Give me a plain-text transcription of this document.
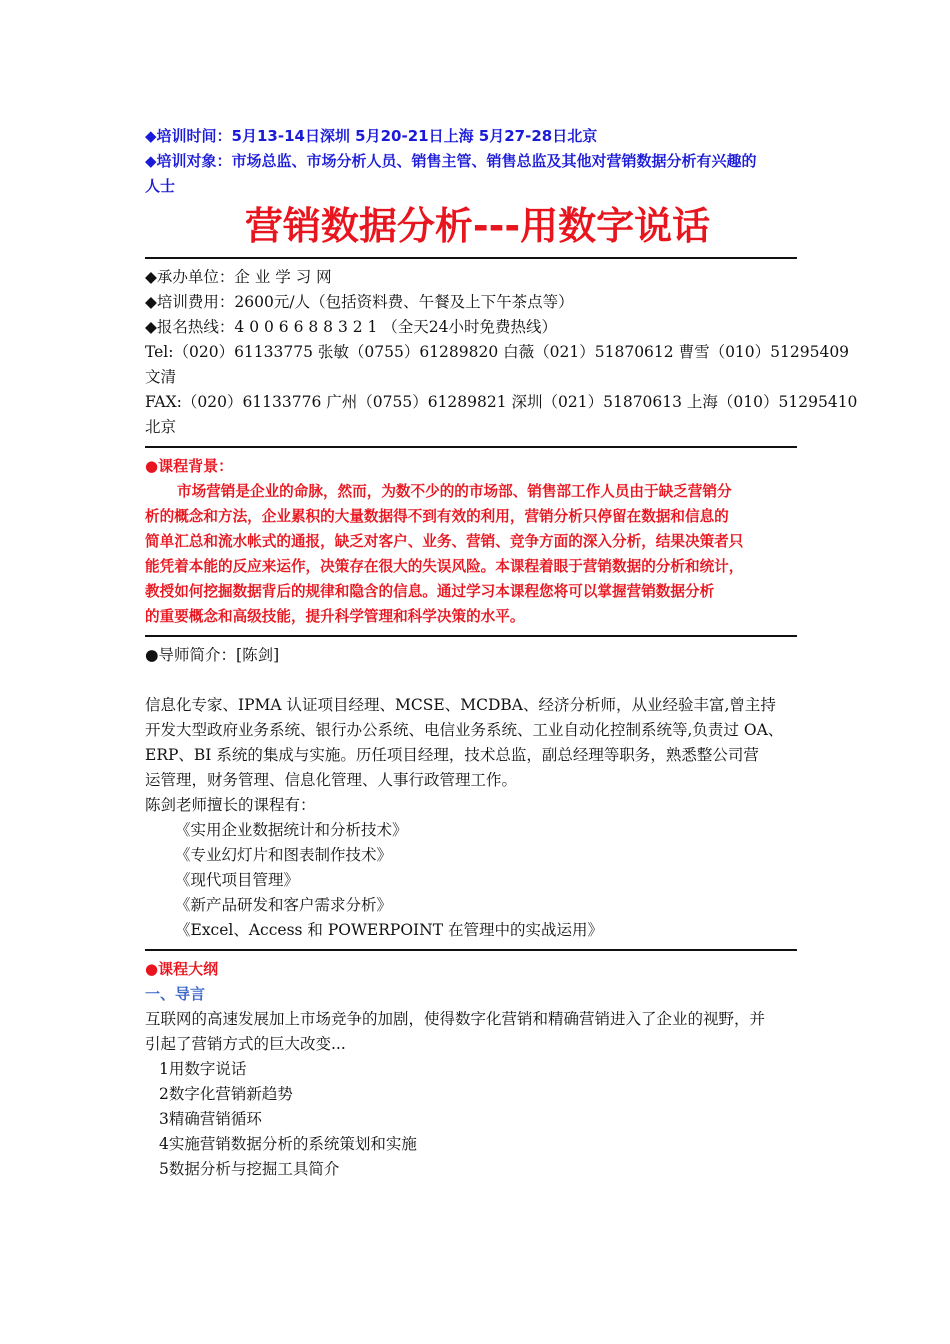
◆培训时间：5月13-14日深圳 5月20-21日上海 5月27-28日北京
◆培训对象：市场总监、市场分析人员、销售主管、销售总监及其他对营销数据分析有兴趣的
人士
营销数据分析---用数字说话
◆承办单位：企 业 学 习 网
◆培训费用：2600元/人（包括资料费、午餐及上下午茶点等）
◆报名热线：4 0 0 6 6 8 8 3 2 1 （全天24小时免费热线）
Tel:（020）61133775 张敏（0755）61289820 白薇（021）51870612 曹雪（010）51295409
文清
FAX:（020）61133776 广州（0755）61289821 深圳（021）51870613 上海（010）51295410
北京
●课程背景：
市场营销是企业的命脉，然而，为数不少的的市场部、销售部工作人员由于缺乏营销分
析的概念和方法，企业累积的大量数据得不到有效的利用，营销分析只停留在数据和信息的
简单汇总和流水帐式的通报，缺乏对客户、业务、营销、竞争方面的深入分析，结果决策者只
能凭着本能的反应来运作，决策存在很大的失误风险。本课程着眼于营销数据的分析和统计，
教授如何挖掘数据背后的规律和隐含的信息。通过学习本课程您将可以掌握营销数据分析
的重要概念和高级技能，提升科学管理和科学决策的水平。
●导师简介：[陈剑]
信息化专家、IPMA 认证项目经理、MCSE、MCDBA、经济分析师，从业经验丰富,曾主持
开发大型政府业务系统、银行办公系统、电信业务系统、工业自动化控制系统等,负责过 OA、
ERP、BI 系统的集成与实施。历任项目经理，技术总监，副总经理等职务，熟悉整公司营
运管理，财务管理、信息化管理、人事行政管理工作。
陈剑老师擅长的课程有：
《实用企业数据统计和分析技术》
《专业幻灯片和图表制作技术》
《现代项目管理》
《新产品研发和客户需求分析》
《Excel、Access 和 POWERPOINT 在管理中的实战运用》
●课程大纲
一、导言
互联网的高速发展加上市场竞争的加剧，使得数字化营销和精确营销进入了企业的视野，并
引起了营销方式的巨大改变...
1用数字说话
2数字化营销新趋势
3精确营销循环
4实施营销数据分析的系统策划和实施
5数据分析与挖掘工具简介
